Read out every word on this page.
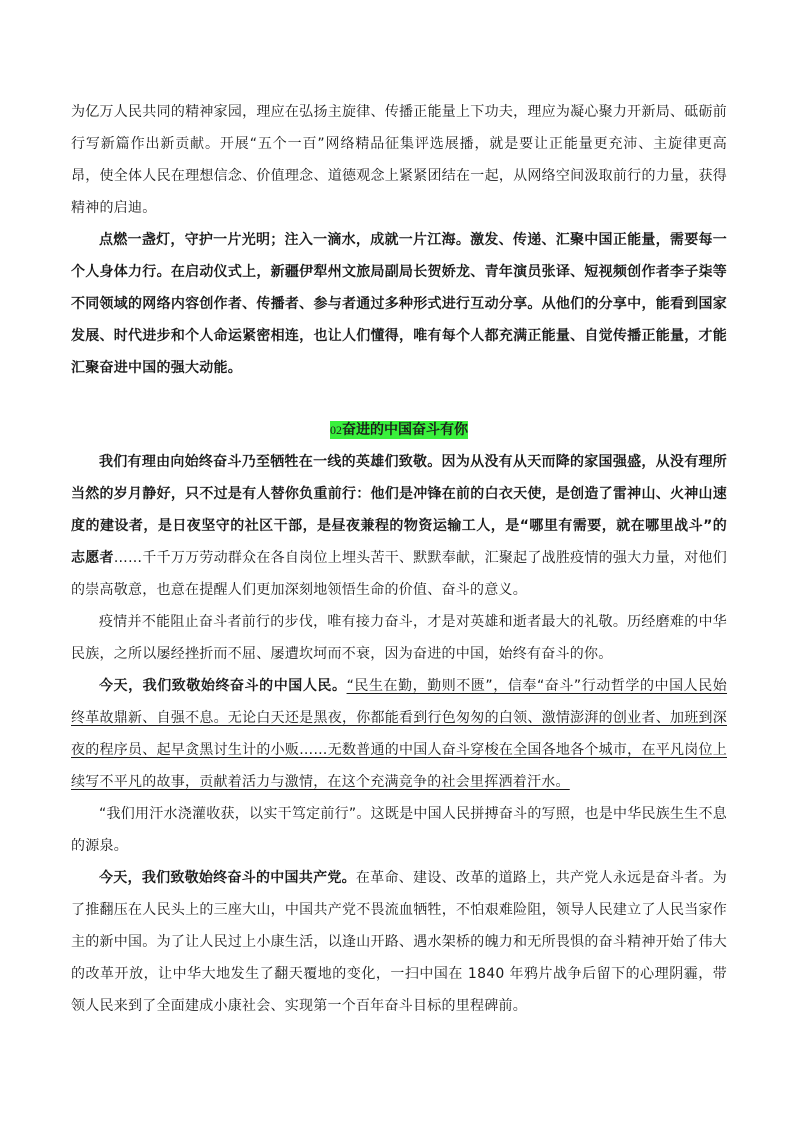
为亿万人民共同的精神家园，理应在弘扬主旋律、传播正能量上下功夫，理应为凝心聚力开新局、砥砺前行写新篇作出新贡献。开展“五个一百”网络精品征集评选展播，就是要让正能量更充沛、主旋律更高昂，使全体人民在理想信念、价值理念、道德观念上紧紧团结在一起，从网络空间汲取前行的力量，获得精神的启迪。

点燃一盏灯，守护一片光明；注入一滴水，成就一片江海。激发、传递、汇聚中国正能量，需要每一个人身体力行。在启动仪式上，新疆伊犁州文旅局副局长贺娇龙、青年演员张译、短视频创作者李子柒等不同领域的网络内容创作者、传播者、参与者通过多种形式进行互动分享。从他们的分享中，能看到国家发展、时代进步和个人命运紧密相连，也让人们懂得，唯有每个人都充满正能量、自觉传播正能量，才能汇聚奋进中国的强大动能。

02奋进的中国奋斗有你

我们有理由向始终奋斗乃至牺牲在一线的英雄们致敬。因为从没有从天而降的家国强盛，从没有理所当然的岁月静好，只不过是有人替你负重前行：他们是冲锋在前的白衣天使，是创造了雷神山、火神山速度的建设者，是日夜坚守的社区干部，是昼夜兼程的物资运输工人，是“哪里有需要，就在哪里战斗”的志愿者……千千万万劳动群众在各自岗位上埋头苦干、默默奉献，汇聚起了战胜疫情的强大力量，对他们的崇高敬意，也意在提醒人们更加深刻地领悟生命的价值、奋斗的意义。

疫情并不能阻止奋斗者前行的步伐，唯有接力奋斗，才是对英雄和逝者最大的礼敬。历经磨难的中华民族，之所以屡经挫折而不屈、屡遭坎坷而不衰，因为奋进的中国，始终有奋斗的你。

今天，我们致敬始终奋斗的中国人民。“民生在勤，勤则不匮”，信奉“奋斗”行动哲学的中国人民始终革故鼎新、自强不息。无论白天还是黑夜，你都能看到行色匆匆的白领、激情澎湃的创业者、加班到深夜的程序员、起早贪黑讨生计的小贩……无数普通的中国人奋斗穿梭在全国各地各个城市，在平凡岗位上续写不平凡的故事，贡献着活力与激情，在这个充满竞争的社会里挥洒着汗水。

“我们用汗水浇灌收获，以实干笃定前行”。这既是中国人民拼搏奋斗的写照，也是中华民族生生不息的源泉。

今天，我们致敬始终奋斗的中国共产党。在革命、建设、改革的道路上，共产党人永远是奋斗者。为了推翻压在人民头上的三座大山，中国共产党不畏流血牺牲，不怕艰难险阻，领导人民建立了人民当家作主的新中国。为了让人民过上小康生活，以逢山开路、遇水架桥的魄力和无所畏惧的奋斗精神开始了伟大的改革开放，让中华大地发生了翻天覆地的变化，一扫中国在 1840 年鸦片战争后留下的心理阴霾，带领人民来到了全面建成小康社会、实现第一个百年奋斗目标的里程碑前。
